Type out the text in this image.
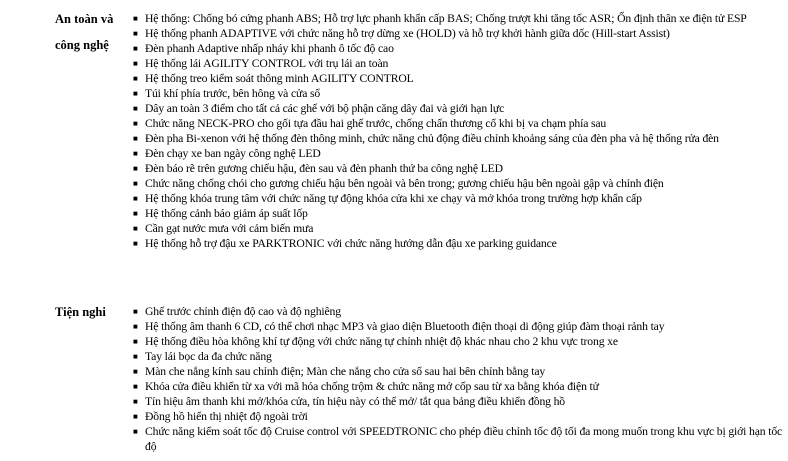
An toàn và công nghệ
■ Hệ thống: Chống bó cứng phanh ABS; Hỗ trợ lực phanh khẩn cấp BAS; Chống trượt khi tăng tốc ASR; Ổn định thân xe điện tử ESP
■ Hệ thống phanh ADAPTIVE với chức năng hỗ trợ dừng xe (HOLD) và hỗ trợ khởi hành giữa dốc (Hill-start Assist)
■ Đèn phanh Adaptive nhấp nháy khi phanh ô tốc độ cao
■ Hệ thống lái AGILITY CONTROL với trụ lái an toàn
■ Hệ thống treo kiểm soát thông minh AGILITY CONTROL
■ Túi khí phía trước, bên hông và cửa sổ
■ Dây an toàn 3 điểm cho tất cả các ghế với bộ phận căng dây đai và giới hạn lực
■ Chức năng NECK-PRO cho gối tựa đầu hai ghế trước, chống chấn thương cổ khi bị va chạm phía sau
■ Đèn pha Bi-xenon với hệ thống đèn thông minh, chức năng chủ động điều chỉnh khoảng sáng của đèn pha và hệ thống rửa đèn
■ Đèn chạy xe ban ngày công nghệ LED
■ Đèn báo rẽ trên gương chiếu hậu, đèn sau và đèn phanh thứ ba công nghệ LED
■ Chức năng chống chói cho gương chiếu hậu bên ngoài và bên trong; gương chiếu hậu bên ngoài gập và chỉnh điện
■ Hệ thống khóa trung tâm với chức năng tự động khóa cửa khi xe chạy và mở khóa trong trường hợp khẩn cấp
■ Hệ thống cảnh báo giảm áp suất lốp
■ Cần gạt nước mưa với cảm biến mưa
■ Hệ thống hỗ trợ đậu xe PARKTRONIC với chức năng hướng dẫn đậu xe parking guidance
Tiện nghi	■ Ghế trước chỉnh điện độ cao và độ nghiêng
■ Hệ thống âm thanh 6 CD, có thể chơi nhạc MP3 và giao diện Bluetooth điện thoại di động giúp đàm thoại rảnh tay
■ Hệ thống điều hòa không khí tự động với chức năng tự chỉnh nhiệt độ khác nhau cho 2 khu vực trong xe
■ Tay lái bọc da đa chức năng
■ Màn che nắng kính sau chỉnh điện; Màn che nắng cho cửa sổ sau hai bên chỉnh bằng tay
■ Khóa cửa điều khiển từ xa với mã hóa chống trộm & chức năng mở cốp sau từ xa bằng khóa điện tử
■ Tín hiệu âm thanh khi mở/khóa cửa, tín hiệu này có thể mở/ tắt qua bảng điều khiển đồng hồ
■ Đồng hồ hiển thị nhiệt độ ngoài trời
■ Chức năng kiểm soát tốc độ Cruise control với SPEEDTRONIC cho phép điều chỉnh tốc độ tối đa mong muốn trong khu vực bị giới hạn tốc độ
